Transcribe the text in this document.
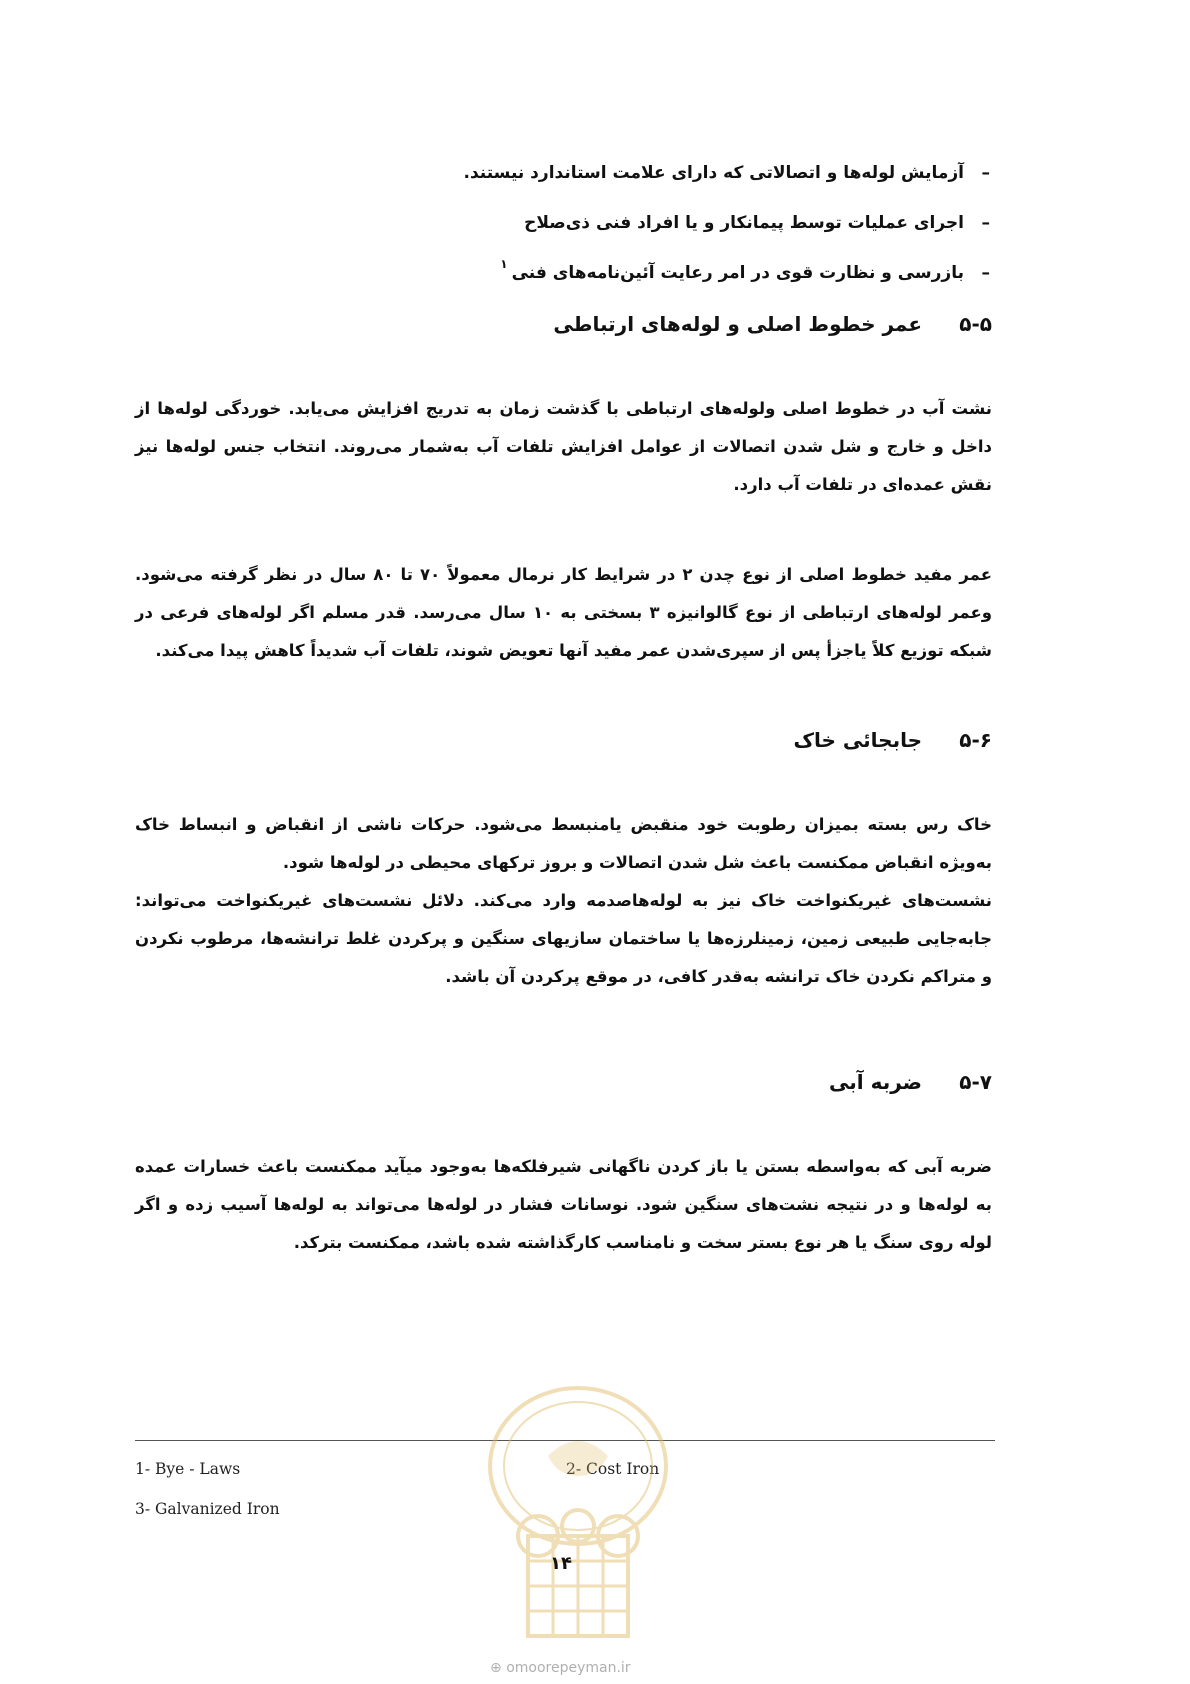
–آزمایش لوله‌ها و اتصالاتی که دارای علامت استاندارد نیستند.
–اجرای عملیات توسط پیمانکار و یا افراد فنی ذی‌صلاح
–بازرسی و نظارت قوی در امر رعایت آئین‌نامه‌های فنی$^۱$
۵-۵عمر خطوط اصلی و لوله‌های ارتباطی

نشت آب در خطوط اصلی ولوله‌های ارتباطی با گذشت زمان به تدریج افزایش می‌یابد. خوردگی لوله‌ها از داخل و خارج و شل شدن اتصالات از عوامل افزایش تلفات آب به‌شمار می‌روند. انتخاب جنس لوله‌ها نیز نقش عمده‌ای در تلفات آب دارد.

عمر مفید خطوط اصلی از نوع چدن ۲ در شرایط کار نرمال معمولاً ۷۰ تا ۸۰ سال در نظر گرفته می‌شود. وعمر لوله‌های ارتباطی از نوع گالوانیزه ۳ بسختی به ۱۰ سال می‌رسد. قدر مسلم اگر لوله‌های فرعی در شبکه توزیع کلاً یاجزأ پس از سپری‌شدن عمر مفید آنها تعویض شوند، تلفات آب شدیداً کاهش پیدا می‌کند.

۵-۶جابجائی خاک

خاک رس بسته بمیزان رطوبت خود منقبض یامنبسط می‌شود. حرکات ناشی از انقباض و انبساط خاک به‌ویژه انقباض ممکنست باعث شل شدن اتصالات و بروز ترکهای محیطی در لوله‌ها شود.

نشست‌های غیریکنواخت خاک نیز به لوله‌هاصدمه وارد می‌کند. دلائل نشست‌های غیریکنواخت می‌تواند: جابه‌جایی طبیعی زمین، زمینلرزه‌ها یا ساختمان سازیهای سنگین و پرکردن غلط ترانشه‌ها، مرطوب نکردن و متراکم نکردن خاک ترانشه به‌قدر کافی، در موقع پرکردن آن باشد.

۵-۷ضربه آبی

ضربه آبی که به‌واسطه بستن یا باز کردن ناگهانی شیرفلکه‌ها به‌وجود میآید ممکنست باعث خسارات عمده به لوله‌ها و در نتیجه نشت‌های سنگین شود. نوسانات فشار در لوله‌ها می‌تواند به لوله‌ها آسیب زده و اگر لوله روی سنگ یا هر نوع بستر سخت و نامناسب کارگذاشته شده باشد، ممکنست بترکد.

1- Bye - Laws	2- Cost Iron
3- Galvanized Iron
۱۴
⊕ omoorepeyman.ir
